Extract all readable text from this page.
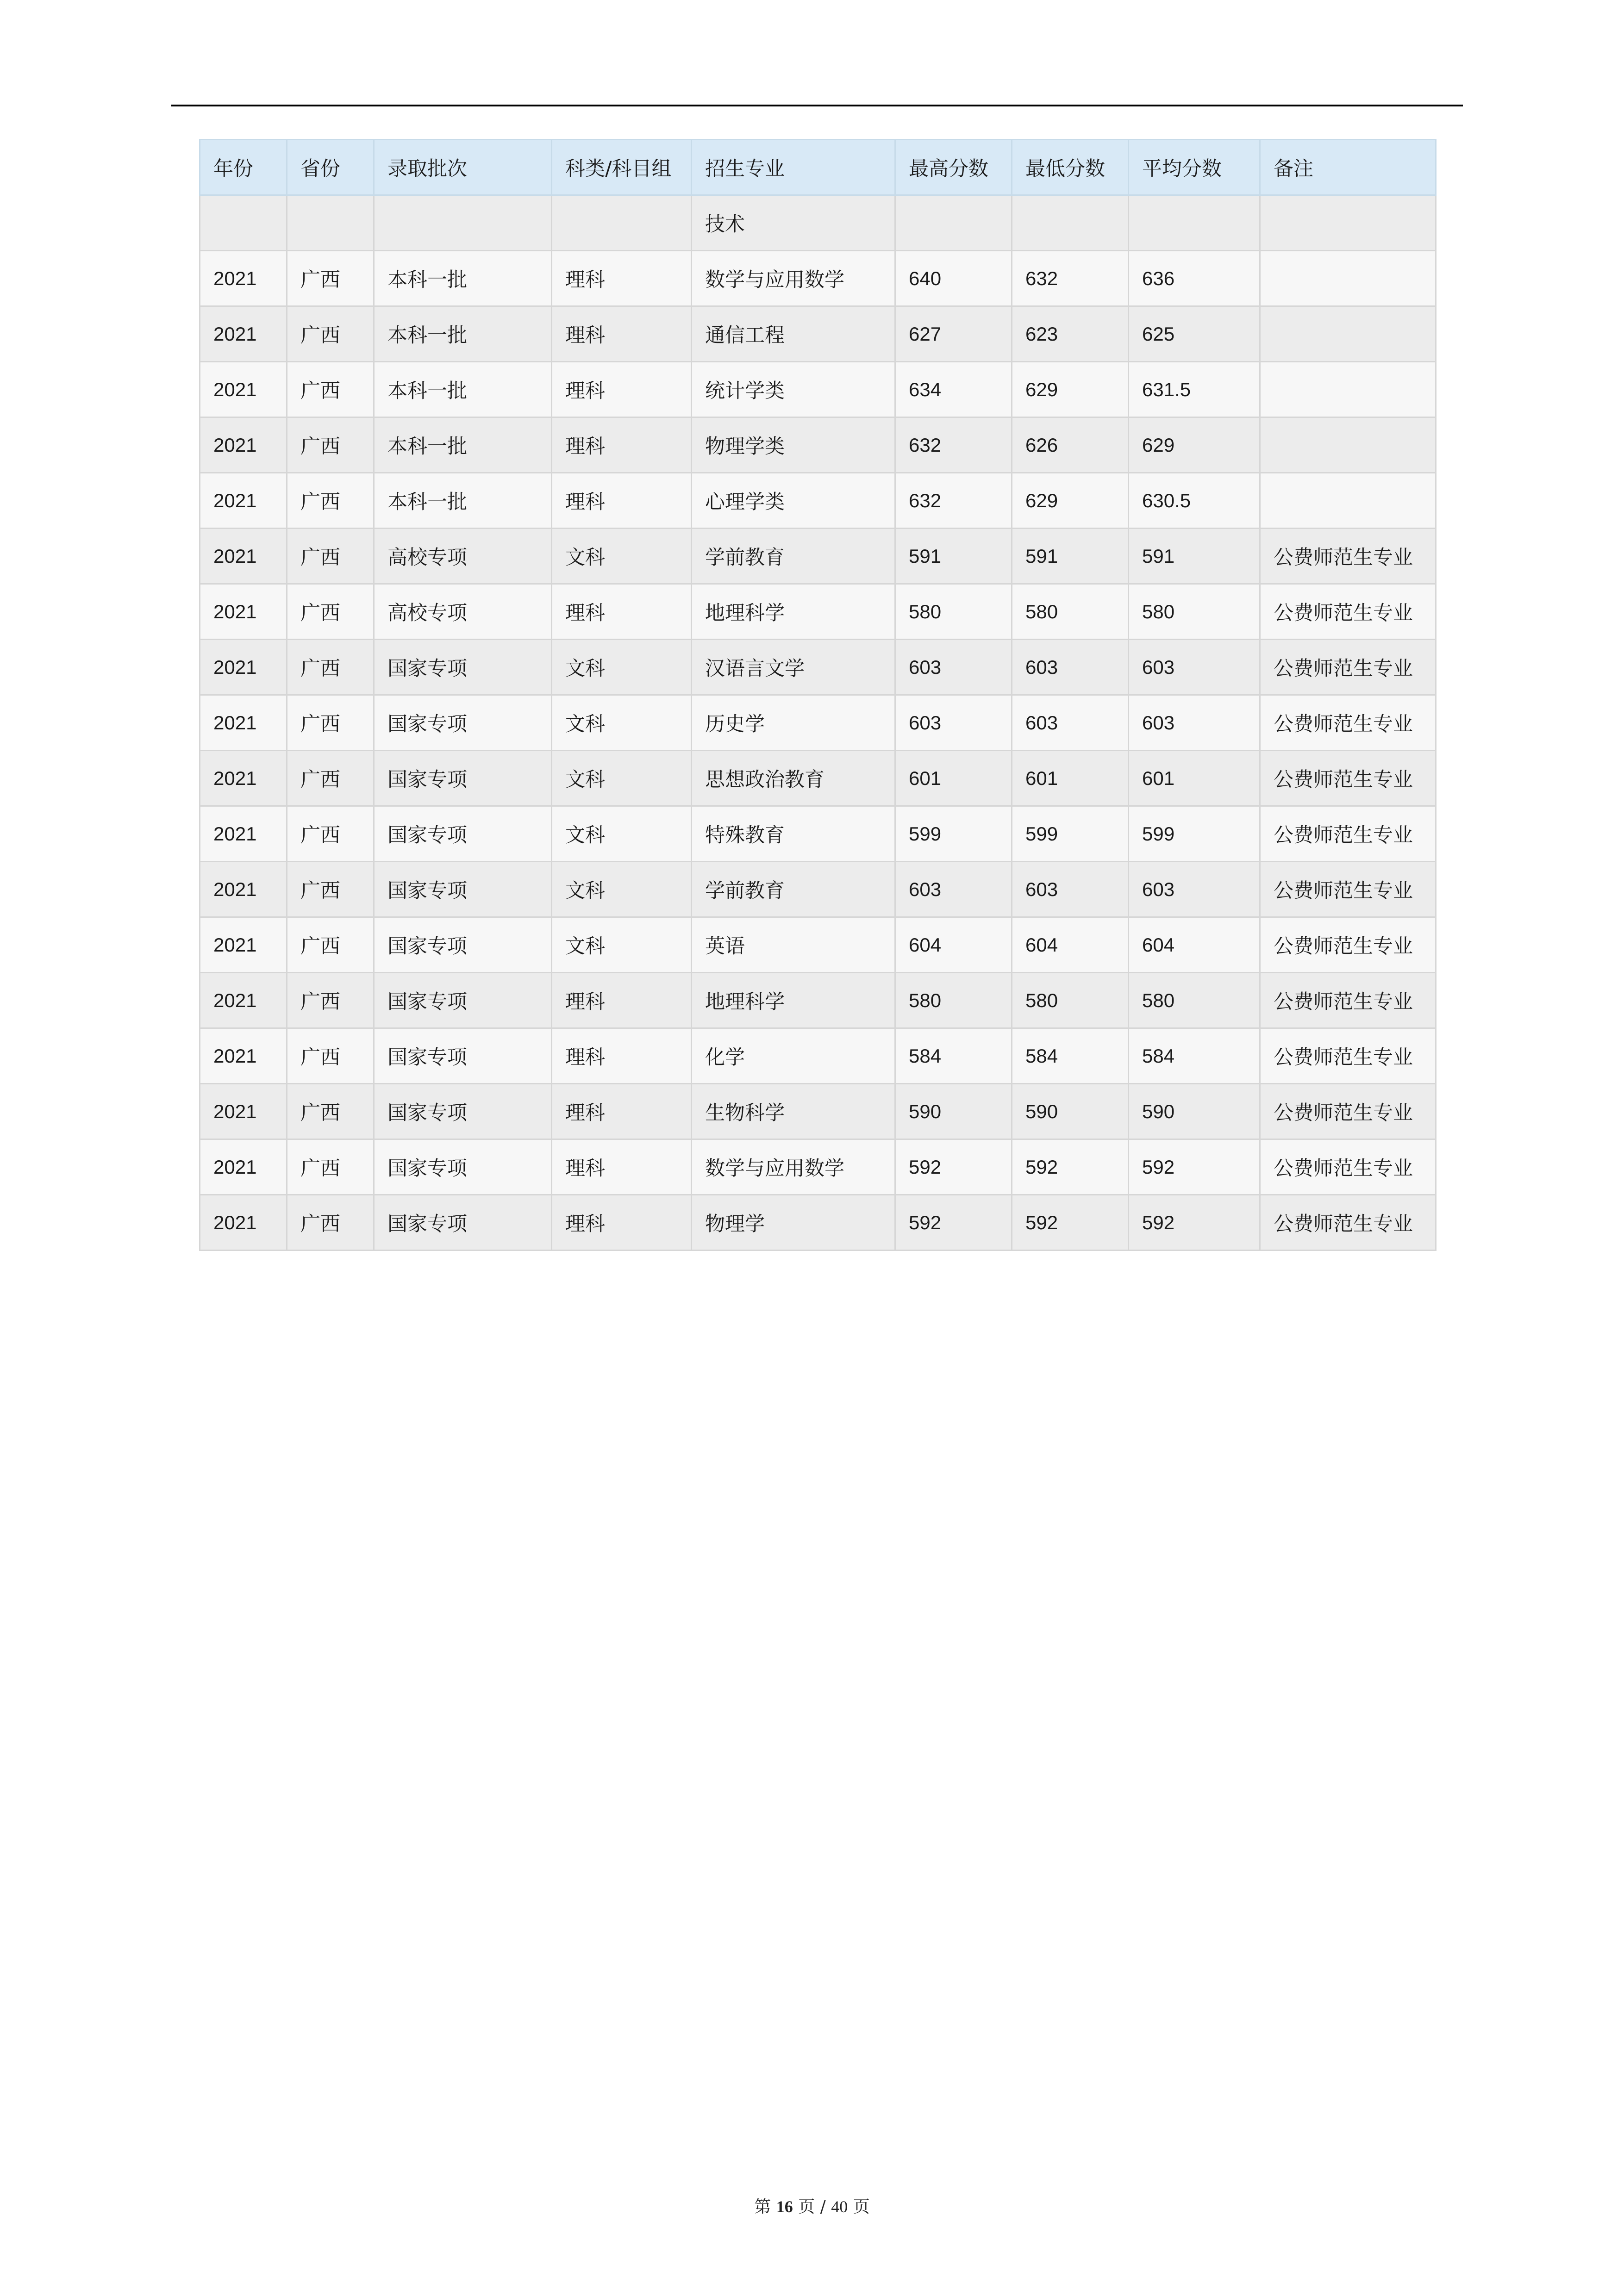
年份	省份	录取批次	科类/科目组	招生专业	最高分数	最低分数	平均分数	备注
				技术				
2021	广西	本科一批	理科	数学与应用数学	640	632	636	
2021	广西	本科一批	理科	通信工程	627	623	625	
2021	广西	本科一批	理科	统计学类	634	629	631.5	
2021	广西	本科一批	理科	物理学类	632	626	629	
2021	广西	本科一批	理科	心理学类	632	629	630.5	
2021	广西	高校专项	文科	学前教育	591	591	591	公费师范生专业
2021	广西	高校专项	理科	地理科学	580	580	580	公费师范生专业
2021	广西	国家专项	文科	汉语言文学	603	603	603	公费师范生专业
2021	广西	国家专项	文科	历史学	603	603	603	公费师范生专业
2021	广西	国家专项	文科	思想政治教育	601	601	601	公费师范生专业
2021	广西	国家专项	文科	特殊教育	599	599	599	公费师范生专业
2021	广西	国家专项	文科	学前教育	603	603	603	公费师范生专业
2021	广西	国家专项	文科	英语	604	604	604	公费师范生专业
2021	广西	国家专项	理科	地理科学	580	580	580	公费师范生专业
2021	广西	国家专项	理科	化学	584	584	584	公费师范生专业
2021	广西	国家专项	理科	生物科学	590	590	590	公费师范生专业
2021	广西	国家专项	理科	数学与应用数学	592	592	592	公费师范生专业
2021	广西	国家专项	理科	物理学	592	592	592	公费师范生专业
第 16 页 / 40 页
